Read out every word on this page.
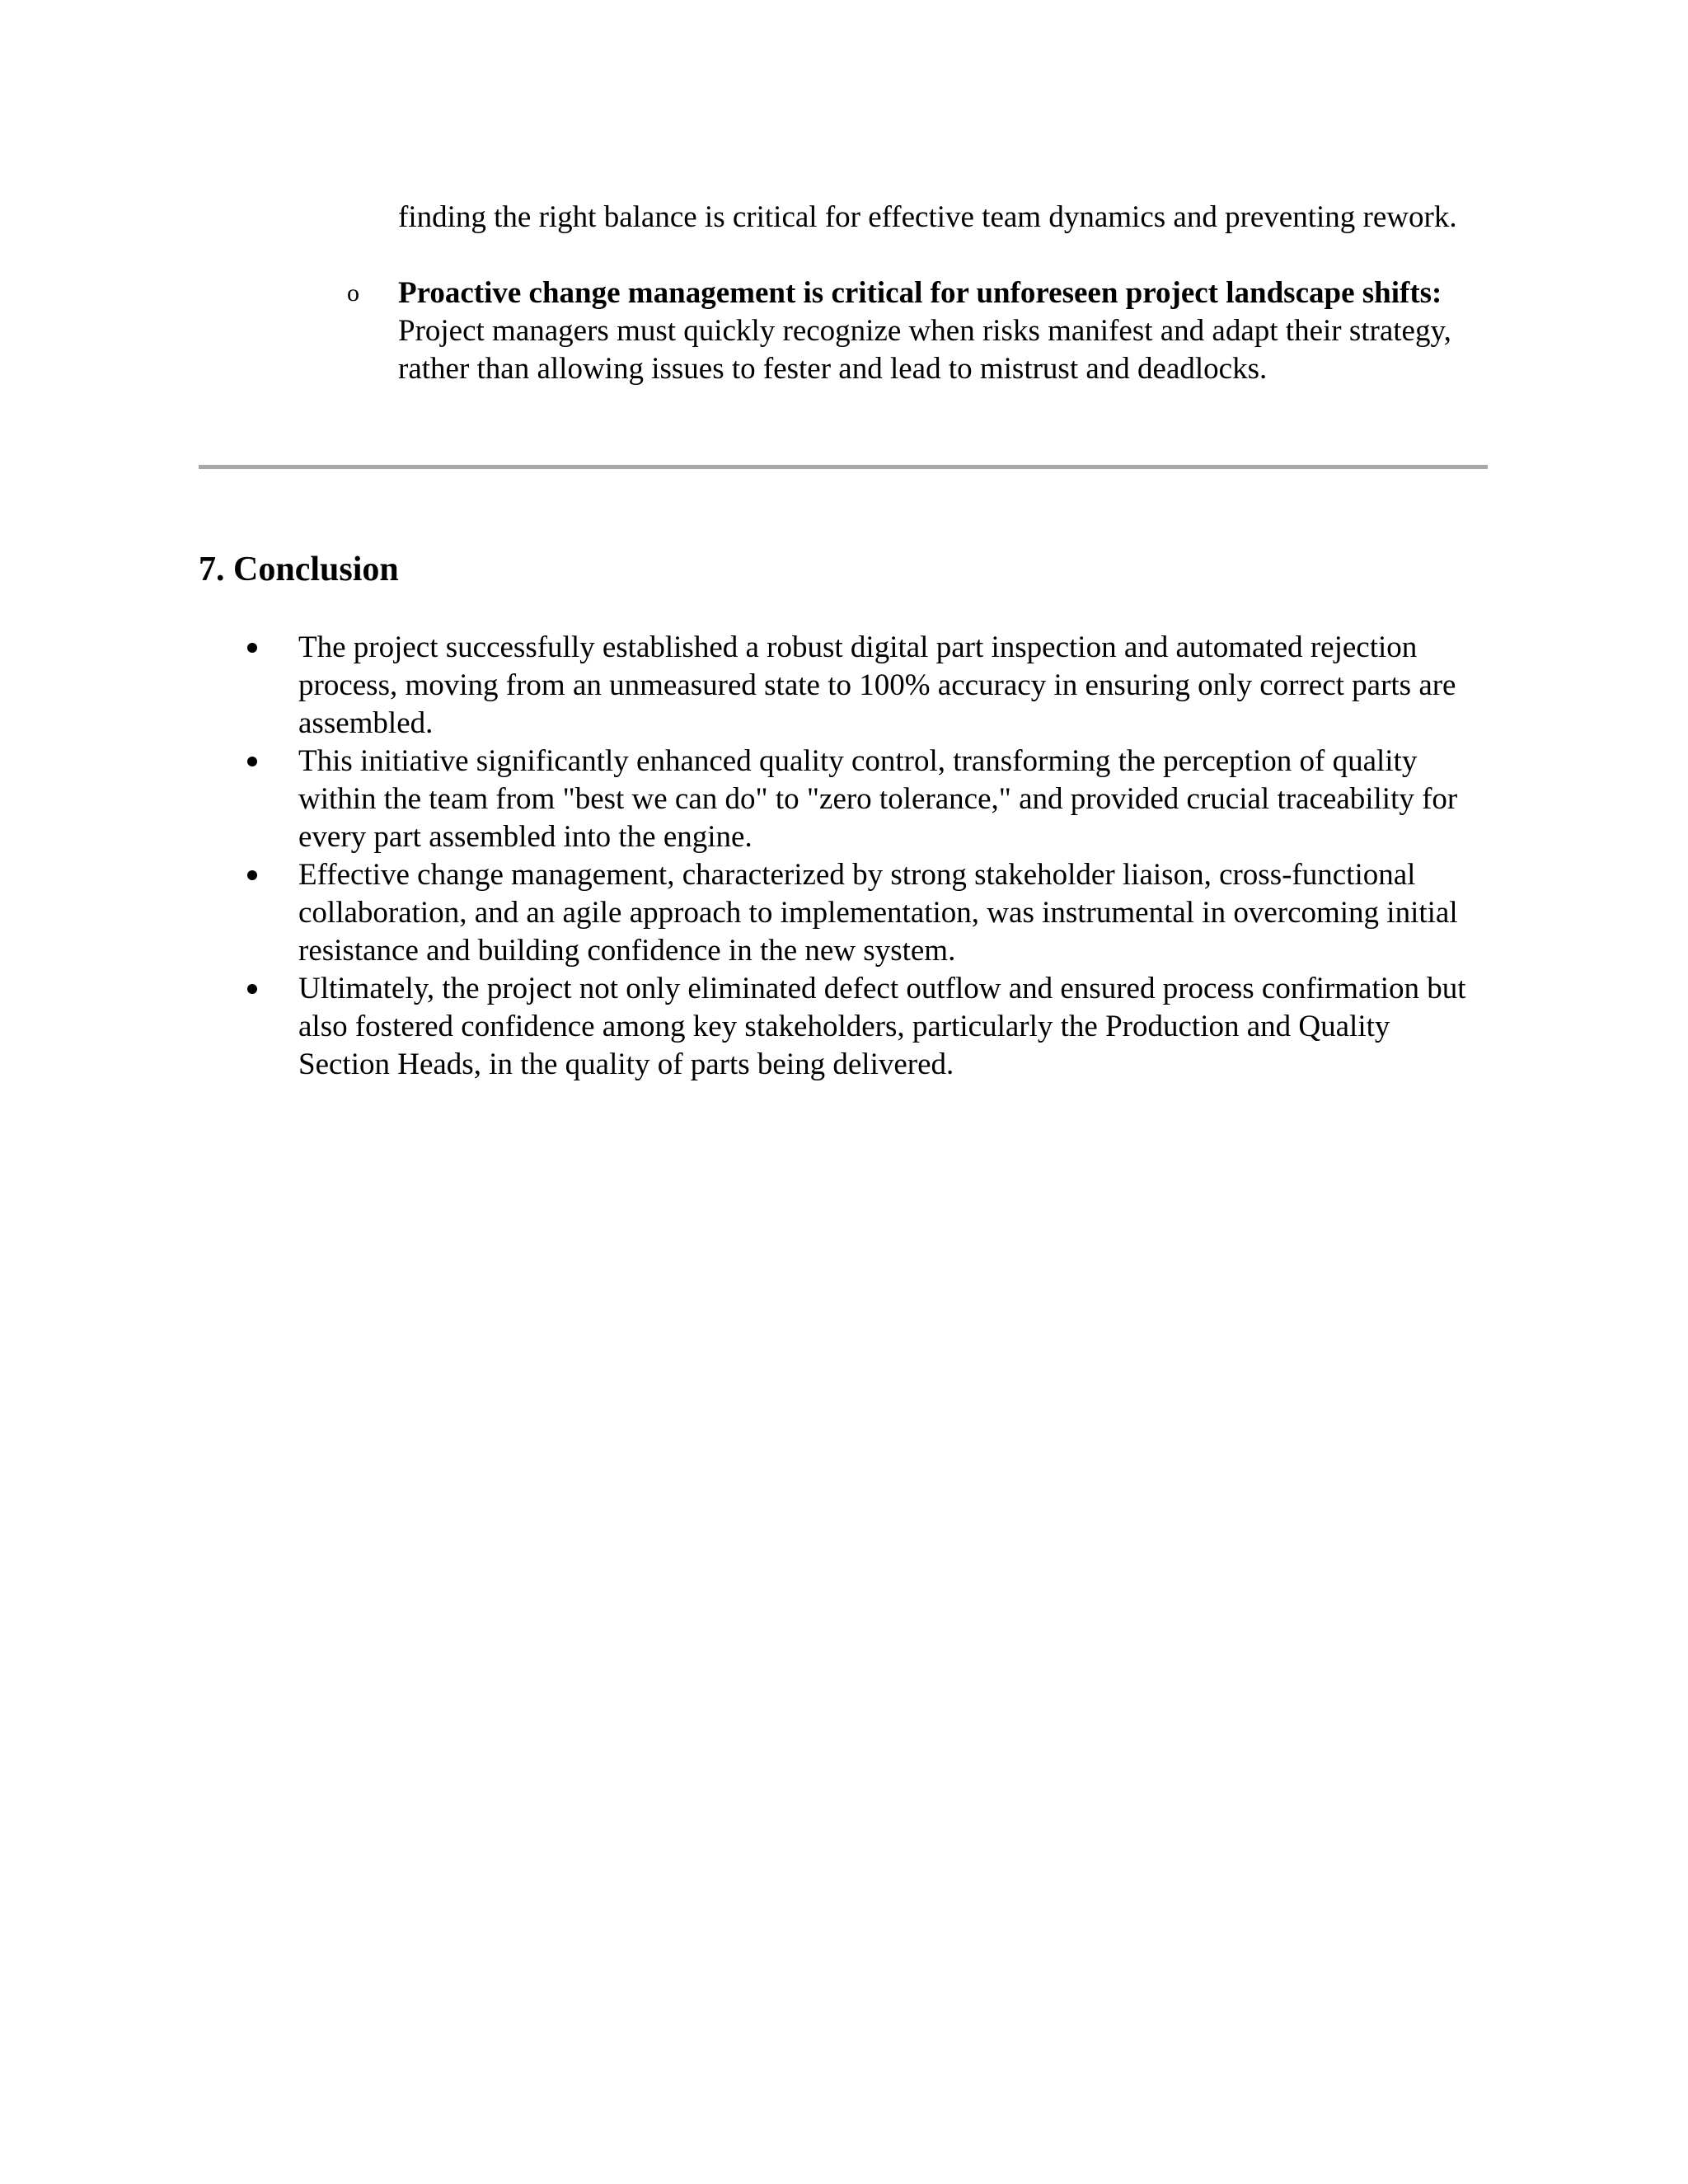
finding the right balance is critical for effective team dynamics and preventing rework.
o	Proactive change management is critical for unforeseen project landscape shifts: Project managers must quickly recognize when risks manifest and adapt their strategy, rather than allowing issues to fester and lead to mistrust and deadlocks.
7. Conclusion
The project successfully established a robust digital part inspection and automated rejection process, moving from an unmeasured state to 100% accuracy in ensuring only correct parts are assembled.
This initiative significantly enhanced quality control, transforming the perception of quality within the team from "best we can do" to "zero tolerance," and provided crucial traceability for every part assembled into the engine.
Effective change management, characterized by strong stakeholder liaison, cross-functional collaboration, and an agile approach to implementation, was instrumental in overcoming initial resistance and building confidence in the new system.
Ultimately, the project not only eliminated defect outflow and ensured process confirmation but also fostered confidence among key stakeholders, particularly the Production and Quality Section Heads, in the quality of parts being delivered.
